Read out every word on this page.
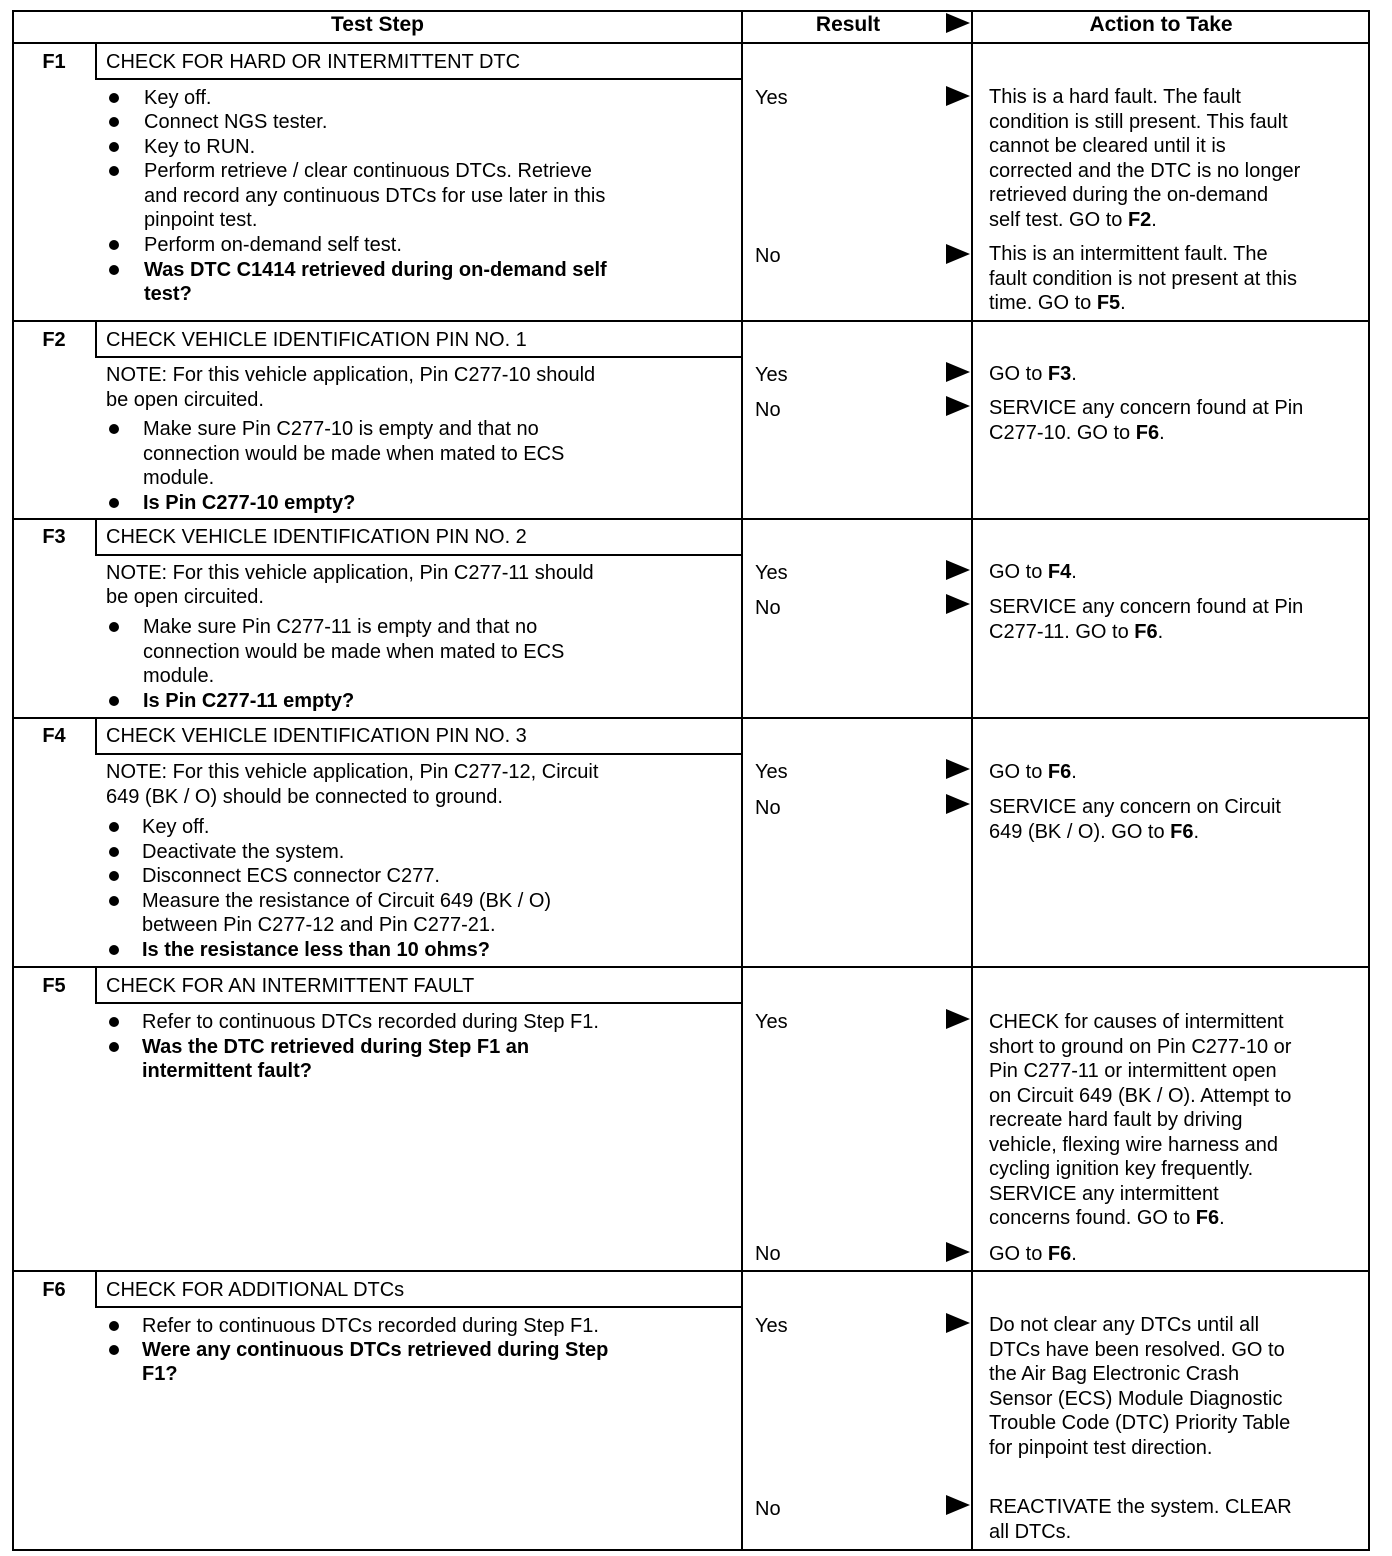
Test Step	Result	Action to Take
F1	CHECK FOR HARD OR INTERMITTENT DTC
Key off.
Connect NGS tester.
Key to RUN.
Perform retrieve / clear continuous DTCs. Retrieve
and record any continuous DTCs for use later in this
pinpoint test.
Perform on-demand self test.
Was DTC C1414 retrieved during on-demand self
test?
Yes	This is a hard fault. The fault
condition is still present. This fault
cannot be cleared until it is
corrected and the DTC is no longer
retrieved during the on-demand
self test. GO to F2.
No	This is an intermittent fault. The
fault condition is not present at this
time. GO to F5.
F2	CHECK VEHICLE IDENTIFICATION PIN NO. 1
NOTE: For this vehicle application, Pin C277-10 should
be open circuited.
Make sure Pin C277-10 is empty and that no
connection would be made when mated to ECS
module.
Is Pin C277-10 empty?
Yes	GO to F3.
No	SERVICE any concern found at Pin
C277-10. GO to F6.
F3	CHECK VEHICLE IDENTIFICATION PIN NO. 2
NOTE: For this vehicle application, Pin C277-11 should
be open circuited.
Make sure Pin C277-11 is empty and that no
connection would be made when mated to ECS
module.
Is Pin C277-11 empty?
Yes	GO to F4.
No	SERVICE any concern found at Pin
C277-11. GO to F6.
F4	CHECK VEHICLE IDENTIFICATION PIN NO. 3
NOTE: For this vehicle application, Pin C277-12, Circuit
649 (BK / O) should be connected to ground.
Key off.
Deactivate the system.
Disconnect ECS connector C277.
Measure the resistance of Circuit 649 (BK / O)
between Pin C277-12 and Pin C277-21.
Is the resistance less than 10 ohms?
Yes	GO to F6.
No	SERVICE any concern on Circuit
649 (BK / O). GO to F6.
F5	CHECK FOR AN INTERMITTENT FAULT
Refer to continuous DTCs recorded during Step F1.
Was the DTC retrieved during Step F1 an
intermittent fault?
Yes	CHECK for causes of intermittent
short to ground on Pin C277-10 or
Pin C277-11 or intermittent open
on Circuit 649 (BK / O). Attempt to
recreate hard fault by driving
vehicle, flexing wire harness and
cycling ignition key frequently.
SERVICE any intermittent
concerns found. GO to F6.
No	GO to F6.
F6	CHECK FOR ADDITIONAL DTCs
Refer to continuous DTCs recorded during Step F1.
Were any continuous DTCs retrieved during Step
F1?
Yes	Do not clear any DTCs until all
DTCs have been resolved. GO to
the Air Bag Electronic Crash
Sensor (ECS) Module Diagnostic
Trouble Code (DTC) Priority Table
for pinpoint test direction.
No	REACTIVATE the system. CLEAR
all DTCs.
